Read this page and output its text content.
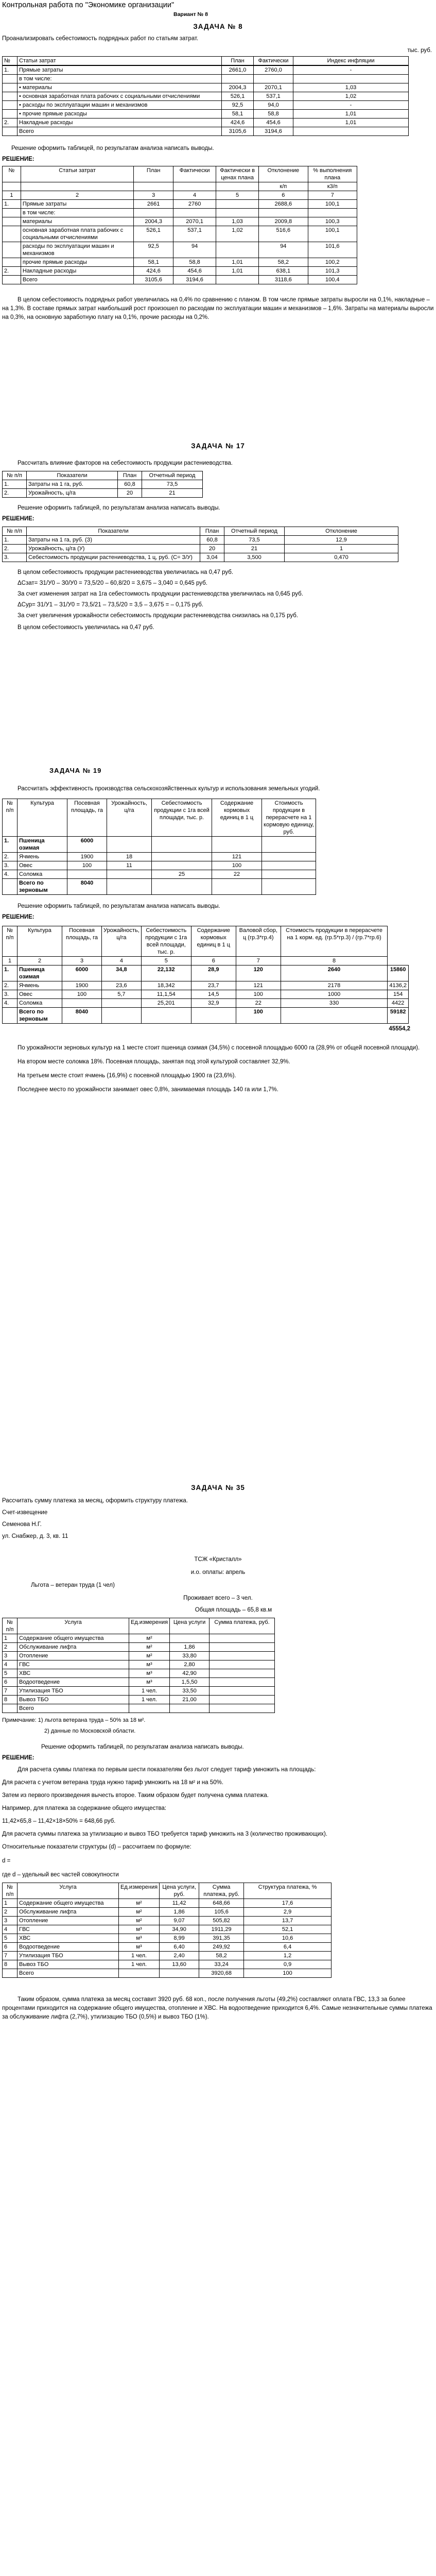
Контрольная работа по "Экономике организации"
Вариант № 8
ЗАДАЧА № 8

Проанализировать себестоимость подрядных работ по статьям затрат.

тыс. руб.

№	Статьи затрат	План	Фактически	Индекс инфляции
1.	Прямые затраты	2661,0	2760,0	-
	в том числе:			
	• материалы	2004,3	2070,1	1,03
	• основная заработная плата рабочих с социальными отчислениями	526,1	537,1	1,02
	• расходы по эксплуатации машин и механизмов	92,5	94,0	-
	• прочие прямые расходы	58,1	58,8	1,01
2.	Накладные расходы	424,6	454,6	1,01
	Всего	3105,6	3194,6	

Решение оформить таблицей, по результатам анализа написать выводы.

РЕШЕНИЕ:

№	Статьи затрат	План	Фактически	Фактически в ценах плана	Отклонение	% выполнения плана
					к/п	к3/п
1	2	3	4	5	6	7
1.	Прямые затраты	2661	2760		2688,6	100,1
	в том числе:					
	материалы	2004,3	2070,1	1,03	2009,8	100,3
	основная заработная плата рабочих с социальными отчислениями	526,1	537,1	1,02	516,6	100,1
	расходы по эксплуатации машин и механизмов	92,5	94		94	101,6
	прочие прямые расходы	58,1	58,8	1,01	58,2	100,2
2.	Накладные расходы	424,6	454,6	1,01	638,1	101,3
	Всего	3105,6	3194,6		3118,6	100,4

В целом себестоимость подрядных работ увеличилась на 0,4% по сравнению с планом. В том числе прямые затраты выросли на 0,1%, накладные – на 1,3%. В составе прямых затрат наибольший рост произошел по расходам по эксплуатации машин и механизмов – 1,6%. Затраты на материалы выросли на 0,3%, на основную заработную плату на 0,1%, прочие расходы на 0,2%.

ЗАДАЧА № 17

Рассчитать влияние факторов на себестоимость продукции растениеводства.

№ п/п	Показатели	План	Отчетный период
1.	Затраты на 1 га, руб.	60,8	73,5
2.	Урожайность, ц/га	20	21

Решение оформить таблицей, по результатам анализа написать выводы.

РЕШЕНИЕ:

№ п/п	Показатели	План	Отчетный период	Отклонение
1.	Затраты на 1 га, руб. (З)	60,8	73,5	12,9
2.	Урожайность, ц/га (У)	20	21	1
3.	Себестоимость продукции растениеводства, 1 ц, руб. (С= З/У)	3,04	3,500	0,470

В целом себестоимость продукции растениеводства увеличилась на 0,47 руб.

ΔСзат= З1/У0 – З0/У0 = 73,5/20 – 60,8/20 = 3,675 – 3,040 = 0,645 руб.

За счет изменения затрат на 1га себестоимость продукции растениеводства увеличилась на 0,645 руб.

ΔСур= З1/У1 – З1/У0 = 73,5/21 – 73,5/20 = 3,5 – 3,675 = – 0,175 руб.

За счет увеличения урожайности себестоимость продукции растениеводства снизилась на 0,175 руб.

В целом себестоимость увеличилась на 0,47 руб.

ЗАДАЧА № 19

Рассчитать эффективность производства сельскохозяйственных культур и использования земельных угодий.

№ п/п	Культура	Посевная площадь, га	Урожайность, ц/га	Себестоимость продукции с 1га всей площади, тыс. р.	Содержание кормовых единиц в 1 ц	Стоимость продукции в перерасчете на 1 кормовую единицу, руб.
1.	Пшеница озимая	6000				
2.	Ячмень	1900	18		121	
3.	Овес	100	11		100	
4.	Соломка			25	22	
	Всего по зерновым	8040				

Решение оформить таблицей, по результатам анализа написать выводы.

РЕШЕНИЕ:

№ п/п	Культура	Посевная площадь, га	Урожайность, ц/га	Себестоимость продукции с 1га всей площади, тыс. р.	Содержание кормовых единиц в 1 ц	Валовой сбор, ц (гр.3*гр.4)	Стоимость продукции в перерасчете на 1 корм. ед. (гр.5*гр.3) / (гр.7*гр.6)	
1	2	3	4	5	6	7	8	
1.	Пшеница озимая	6000	34,8	22,132	28,9	120	2640	15860
2.	Ячмень	1900	23,6	18,342	23,7	121	2178	4136,2
3.	Овес	100	5,7	11,1,54	14,5	100	1000	154
4.	Соломка			25,201	32,9	22	330	4422
	Всего по зерновым	8040				100		59182

45554,2

По урожайности зерновых культур на 1 месте стоит пшеница озимая (34,5%) с посевной площадью 6000 га (28,9% от общей посевной площади).

На втором месте соломка 18%. Посевная площадь, занятая под этой культурой составляет 32,9%.

На третьем месте стоит ячмень (16,9%) с посевной площадью 1900 га (23,6%).

Последнее место по урожайности занимает овес 0,8%, занимаемая площадь 140 га или 1,7%.

ЗАДАЧА № 35

Рассчитать сумму платежа за месяц, оформить структуру платежа.

Счет-извещение

Семенова Н.Г.

ул. Снабжер, д. 3, кв. 11

ТСЖ «Кристалл»

и.о. оплаты: апрель

Льгота – ветеран труда (1 чел)

Проживает всего – 3 чел.

Общая площадь – 65,8 кв.м

№ п/п	Услуга	Ед.измерения	Цена услуги	Сумма платежа, руб.
1	Содержание общего имущества	м²		
2	Обслуживание лифта	м²	1,86	
3	Отопление	м²	33,80	
4	ГВС	м³	2,80	
5	ХВС	м³	42,90	
6	Водоотведение	м³	1,5,50	
7	Утилизация ТБО	1 чел.	33,50	
8	Вывоз ТБО	1 чел.	21,00	
	Всего			

Примечание: 1) льгота ветерана труда – 50% за 18 м².

2) данные по Московской области.

Решение оформить таблицей, по результатам анализа написать выводы.

РЕШЕНИЕ:

Для расчета суммы платежа по первым шести показателям без льгот следует тариф умножить на площадь:

Для расчета с учетом ветерана труда нужно тариф умножить на 18 м² и на 50%.

Затем из первого произведения вычесть второе. Таким образом будет получена сумма платежа.

Например, для платежа за содержание общего имущества:

11,42×65,8 – 11,42×18×50% = 648,66 руб.

Для расчета суммы платежа за утилизацию и вывоз ТБО требуется тариф умножить на 3 (количество проживающих).

Относительные показатели структуры (d) – рассчитаем по формуле:

d =

где d – удельный вес частей совокупности

№ п/п	Услуга	Ед.измерения	Цена услуги, руб.	Сумма платежа, руб.	Структура платежа, %
1	Содержание общего имущества	м²	11,42	648,66	17,6
2	Обслуживание лифта	м²	1,86	105,6	2,9
3	Отопление	м²	9,07	505,82	13,7
4	ГВС	м³	34,90	1911,29	52,1
5	ХВС	м³	8,99	391,35	10,6
6	Водоотведение	м³	6,40	249,92	6,4
7	Утилизация ТБО	1 чел.	2,40	58,2	1,2
8	Вывоз ТБО	1 чел.	13,60	33,24	0,9
	Всего			3920,68	100

Таким образом, сумма платежа за месяц составит 3920 руб. 68 коп., после получения льготы (49,2%) составляют оплата ГВС, 13,3 за более процентами приходится на содержание общего имущества, отопление и ХВС. На водоотведение приходится 6,4%. Самые незначительные суммы платежа за обслуживание лифта (2,7%), утилизацию ТБО (0,5%) и вывоз ТБО (1%).
